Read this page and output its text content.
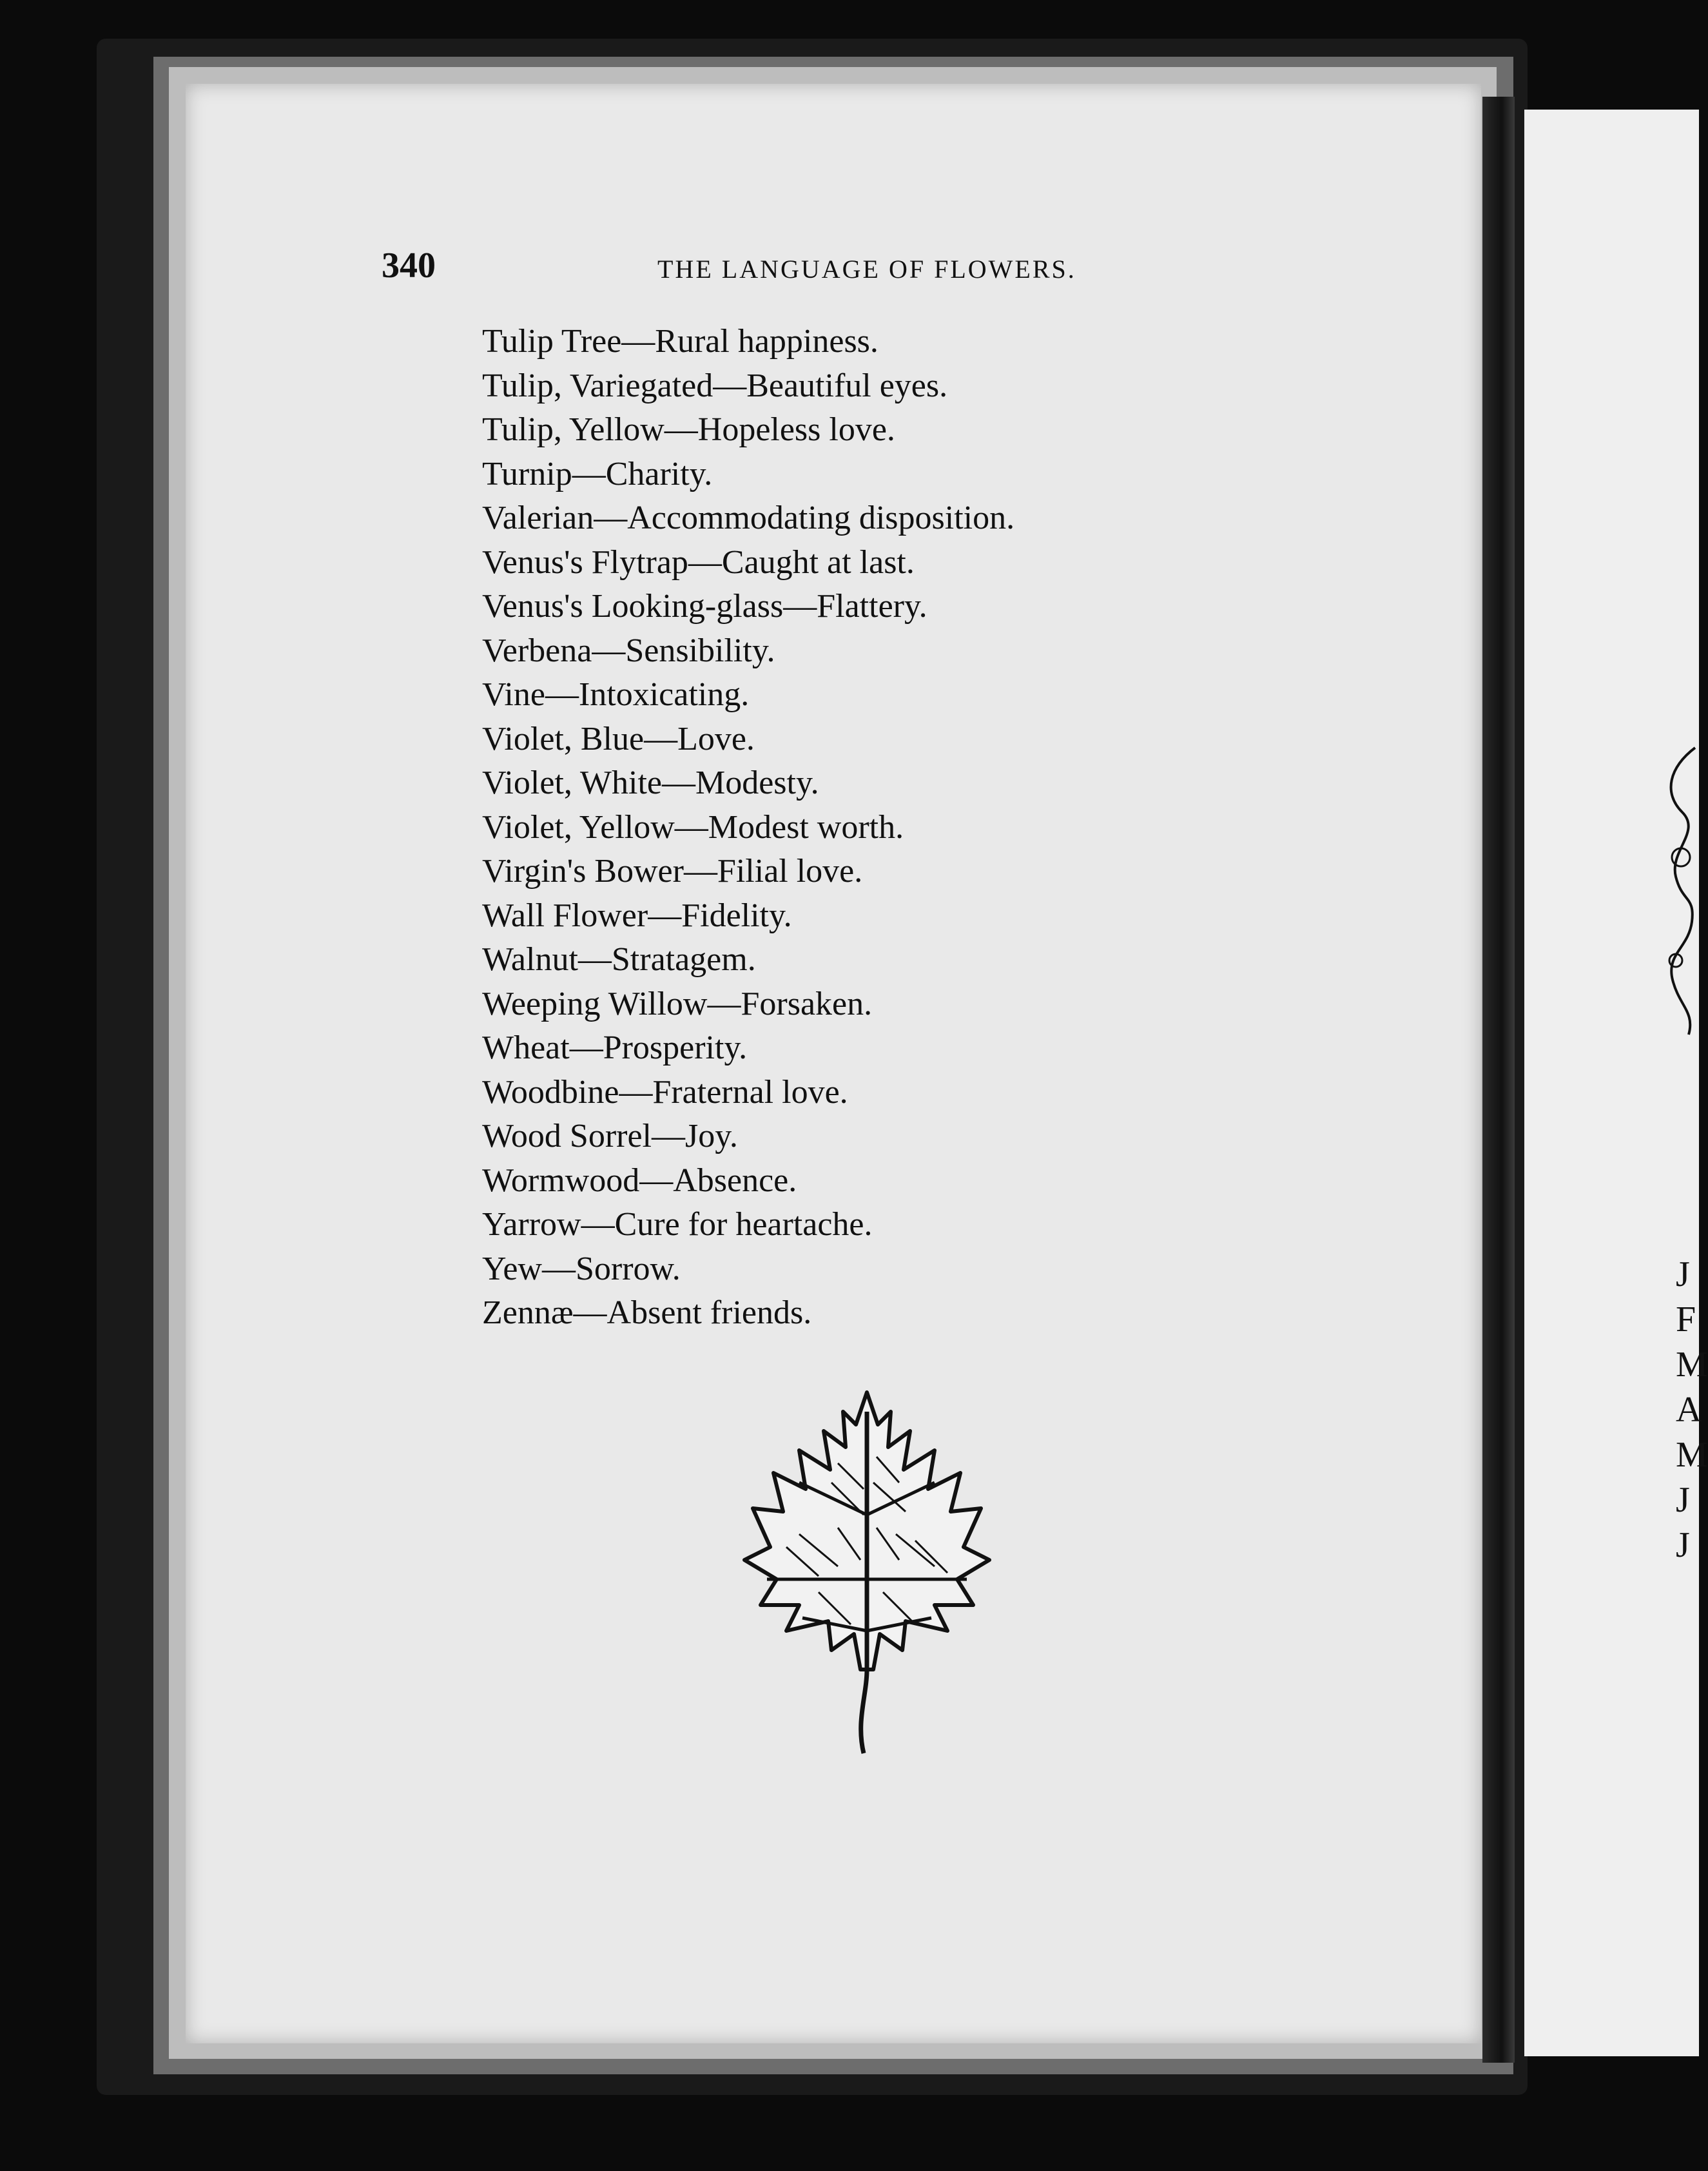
J
F
M
A
M
J
J
340	THE LANGUAGE OF FLOWERS.
Tulip Tree—Rural happiness.
Tulip, Variegated—Beautiful eyes.
Tulip, Yellow—Hopeless love.
Turnip—Charity.
Valerian—Accommodating disposition.
Venus's Flytrap—Caught at last.
Venus's Looking-glass—Flattery.
Verbena—Sensibility.
Vine—Intoxicating.
Violet, Blue—Love.
Violet, White—Modesty.
Violet, Yellow—Modest worth.
Virgin's Bower—Filial love.
Wall Flower—Fidelity.
Walnut—Stratagem.
Weeping Willow—Forsaken.
Wheat—Prosperity.
Woodbine—Fraternal love.
Wood Sorrel—Joy.
Wormwood—Absence.
Yarrow—Cure for heartache.
Yew—Sorrow.
Zennæ—Absent friends.
